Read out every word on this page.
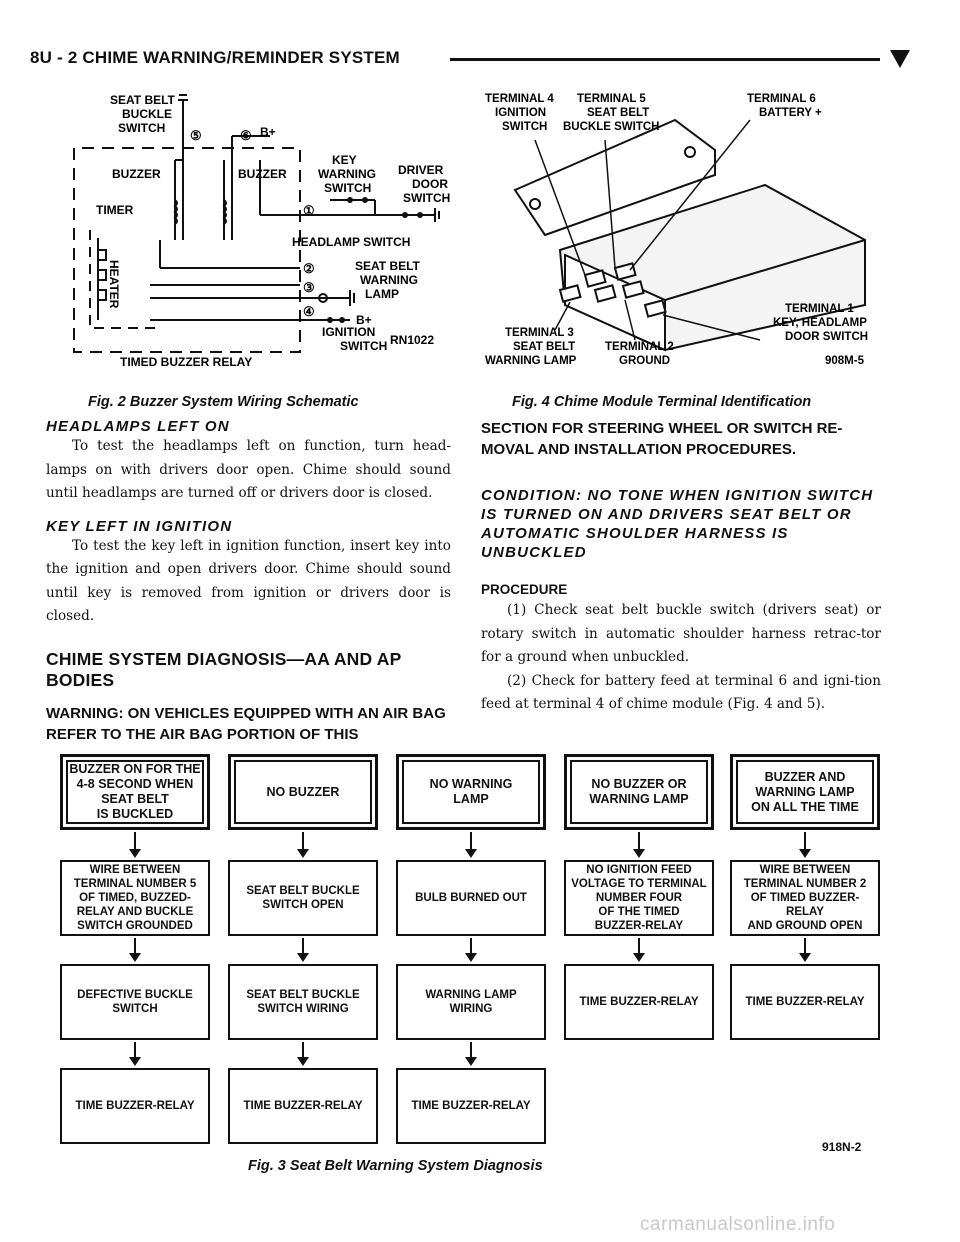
8U - 2 CHIME WARNING/REMINDER SYSTEM
SEAT BELT
BUCKLE
SWITCH ⑤	⑥ B+
BUZZER	BUZZER
KEY
WARNING
SWITCH
DRIVER
DOOR
SWITCH
TIMER	①
HEADLAMP SWITCH
②
③
④
SEAT BELT
WARNING
LAMP
B+
IGNITION
SWITCH
TIMED BUZZER RELAY
RN1022
HEATER
Fig. 2 Buzzer System Wiring Schematic
TERMINAL 4
IGNITION
SWITCH
TERMINAL 5
SEAT BELT
BUCKLE SWITCH
TERMINAL 6
BATTERY +
TERMINAL 1
KEY, HEADLAMP
DOOR SWITCH
TERMINAL 3
SEAT BELT
WARNING LAMP
TERMINAL 2
GROUND	908M-5
Fig. 4 Chime Module Terminal Identification
HEADLAMPS LEFT ON
To test the headlamps left on function, turn head-lamps on with drivers door open. Chime should sound until headlamps are turned off or drivers door is closed.
KEY LEFT IN IGNITION
To test the key left in ignition function, insert key into the ignition and open drivers door. Chime should sound until key is removed from ignition or drivers door is closed.
CHIME SYSTEM DIAGNOSIS—AA AND AP BODIES
WARNING: ON VEHICLES EQUIPPED WITH AN AIR BAG REFER TO THE AIR BAG PORTION OF THIS
SECTION FOR STEERING WHEEL OR SWITCH RE-MOVAL AND INSTALLATION PROCEDURES.
CONDITION: NO TONE WHEN IGNITION SWITCH IS TURNED ON AND DRIVERS SEAT BELT OR AUTOMATIC SHOULDER HARNESS IS UNBUCKLED
PROCEDURE
(1) Check seat belt buckle switch (drivers seat) or rotary switch in automatic shoulder harness retrac-tor for a ground when unbuckled.
(2) Check for battery feed at terminal 6 and igni-tion feed at terminal 4 of chime module (Fig. 4 and 5).
BUZZER ON FOR THE
4-8 SECOND WHEN
SEAT BELT
IS BUCKLED
WIRE BETWEEN
TERMINAL NUMBER 5
OF TIMED, BUZZED-
RELAY AND BUCKLE
SWITCH GROUNDED
DEFECTIVE BUCKLE
SWITCH
TIME BUZZER-RELAY
NO BUZZER
SEAT BELT BUCKLE
SWITCH OPEN
SEAT BELT BUCKLE
SWITCH WIRING
TIME BUZZER-RELAY
NO WARNING
LAMP
BULB BURNED OUT
WARNING LAMP
WIRING
TIME BUZZER-RELAY
NO BUZZER OR
WARNING LAMP
NO IGNITION FEED
VOLTAGE TO TERMINAL
NUMBER FOUR
OF THE TIMED
BUZZER-RELAY
TIME BUZZER-RELAY
BUZZER AND
WARNING LAMP
ON ALL THE TIME
WIRE BETWEEN
TERMINAL NUMBER 2
OF TIMED BUZZER-RELAY
AND GROUND OPEN
TIME BUZZER-RELAY
918N-2
Fig. 3 Seat Belt Warning System Diagnosis
carmanualsonline.info
